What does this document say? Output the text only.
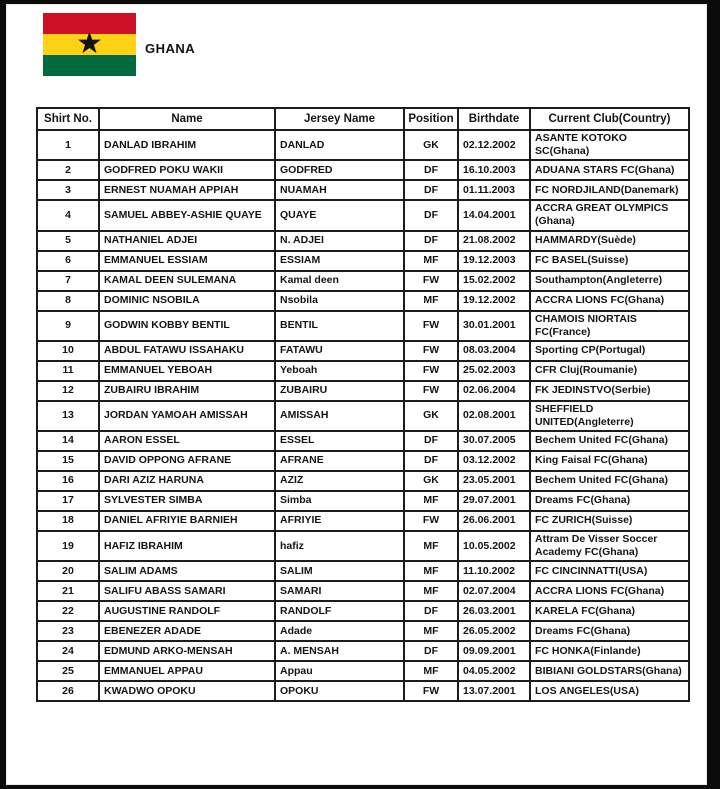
★	GHANA
Shirt No.	Name	Jersey Name	Position	Birthdate	Current Club(Country)
1	DANLAD IBRAHIM	DANLAD	GK	02.12.2002	ASANTE KOTOKO SC(Ghana)
2	GODFRED POKU WAKII	GODFRED	DF	16.10.2003	ADUANA STARS FC(Ghana)
3	ERNEST NUAMAH APPIAH	NUAMAH	DF	01.11.2003	FC NORDJILAND(Danemark)
4	SAMUEL ABBEY-ASHIE QUAYE	QUAYE	DF	14.04.2001	ACCRA GREAT OLYMPICS (Ghana)
5	NATHANIEL ADJEI	N. ADJEI	DF	21.08.2002	HAMMARDY(Suède)
6	EMMANUEL ESSIAM	ESSIAM	MF	19.12.2003	FC BASEL(Suisse)
7	KAMAL DEEN SULEMANA	Kamal deen	FW	15.02.2002	Southampton(Angleterre)
8	DOMINIC NSOBILA	Nsobila	MF	19.12.2002	ACCRA LIONS FC(Ghana)
9	GODWIN KOBBY BENTIL	BENTIL	FW	30.01.2001	CHAMOIS NIORTAIS FC(France)
10	ABDUL FATAWU ISSAHAKU	FATAWU	FW	08.03.2004	Sporting CP(Portugal)
11	EMMANUEL YEBOAH	Yeboah	FW	25.02.2003	CFR Cluj(Roumanie)
12	ZUBAIRU IBRAHIM	ZUBAIRU	FW	02.06.2004	FK JEDINSTVO(Serbie)
13	JORDAN YAMOAH AMISSAH	AMISSAH	GK	02.08.2001	SHEFFIELD UNITED(Angleterre)
14	AARON ESSEL	ESSEL	DF	30.07.2005	Bechem United FC(Ghana)
15	DAVID OPPONG AFRANE	AFRANE	DF	03.12.2002	King Faisal FC(Ghana)
16	DARI AZIZ HARUNA	AZIZ	GK	23.05.2001	Bechem United FC(Ghana)
17	SYLVESTER SIMBA	Simba	MF	29.07.2001	Dreams FC(Ghana)
18	DANIEL AFRIYIE BARNIEH	AFRIYIE	FW	26.06.2001	FC ZURICH(Suisse)
19	HAFIZ IBRAHIM	hafiz	MF	10.05.2002	Attram De Visser Soccer Academy FC(Ghana)
20	SALIM ADAMS	SALIM	MF	11.10.2002	FC CINCINNATTI(USA)
21	SALIFU ABASS SAMARI	SAMARI	MF	02.07.2004	ACCRA LIONS FC(Ghana)
22	AUGUSTINE RANDOLF	RANDOLF	DF	26.03.2001	KARELA FC(Ghana)
23	EBENEZER ADADE	Adade	MF	26.05.2002	Dreams FC(Ghana)
24	EDMUND ARKO-MENSAH	A. MENSAH	DF	09.09.2001	FC HONKA(Finlande)
25	EMMANUEL APPAU	Appau	MF	04.05.2002	BIBIANI GOLDSTARS(Ghana)
26	KWADWO OPOKU	OPOKU	FW	13.07.2001	LOS ANGELES(USA)
